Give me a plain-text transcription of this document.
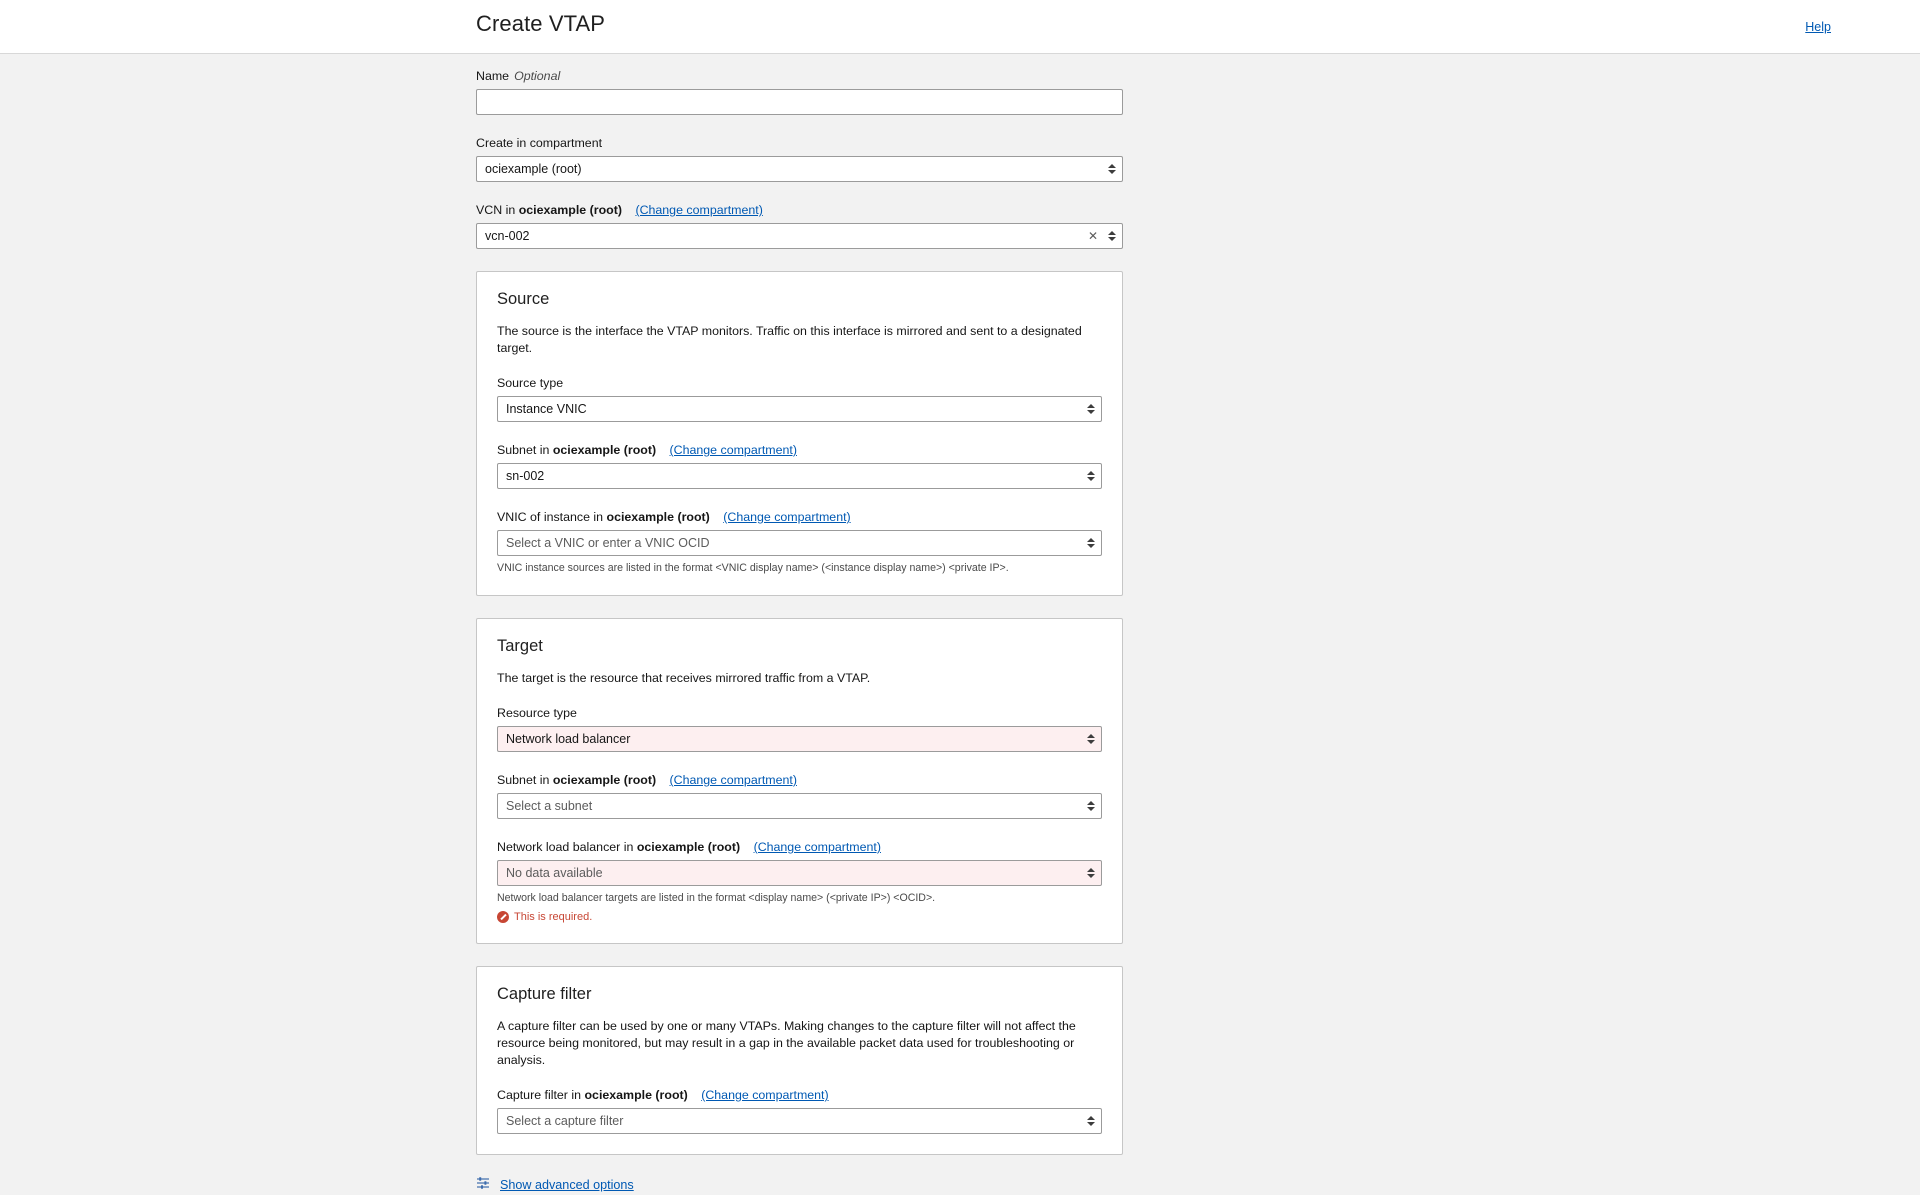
Create VTAP	Help
Name Optional
Create in compartment
ociexample (root)
VCN in ociexample (root) (Change compartment)
vcn-002	✕
Source
The source is the interface the VTAP monitors. Traffic on this interface is mirrored and sent to a designated target.
Source type
Instance VNIC
Subnet in ociexample (root) (Change compartment)
sn-002
VNIC of instance in ociexample (root) (Change compartment)
Select a VNIC or enter a VNIC OCID
VNIC instance sources are listed in the format <VNIC display name> (<instance display name>) <private IP>.
Target
The target is the resource that receives mirrored traffic from a VTAP.
Resource type
Network load balancer
Subnet in ociexample (root) (Change compartment)
Select a subnet
Network load balancer in ociexample (root) (Change compartment)
No data available
Network load balancer targets are listed in the format <display name> (<private IP>) <OCID>.
This is required.
Capture filter
A capture filter can be used by one or many VTAPs. Making changes to the capture filter will not affect the resource being monitored, but may result in a gap in the available packet data used for troubleshooting or analysis.
Capture filter in ociexample (root) (Change compartment)
Select a capture filter
Show advanced options
